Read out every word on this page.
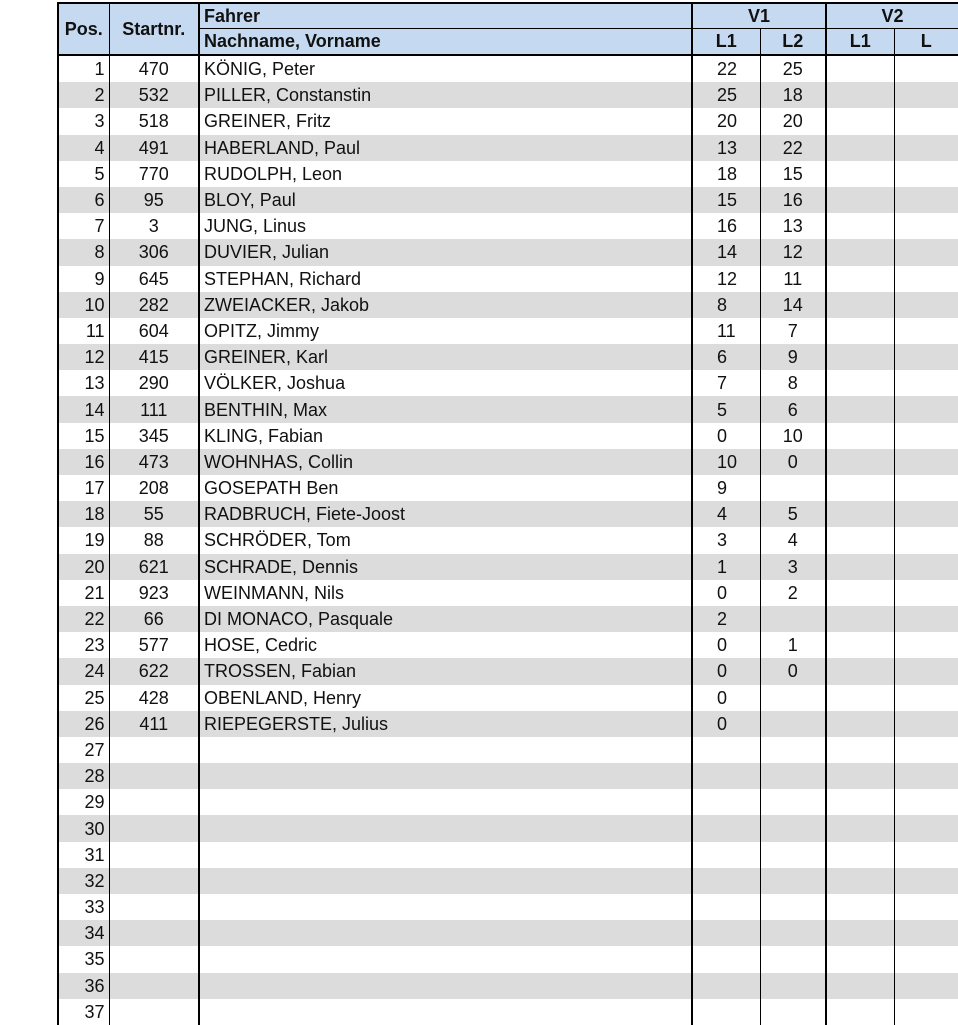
Pos.	Startnr.	Fahrer	V1		V2	
		Nachname, Vorname	L1	L2	L1	L
1	470	KÖNIG, Peter	22	25		
2	532	PILLER, Constanstin	25	18		
3	518	GREINER, Fritz	20	20		
4	491	HABERLAND, Paul	13	22		
5	770	RUDOLPH, Leon	18	15		
6	95	BLOY, Paul	15	16		
7	3	JUNG, Linus	16	13		
8	306	DUVIER, Julian	14	12		
9	645	STEPHAN, Richard	12	11		
10	282	ZWEIACKER, Jakob	8	14		
11	604	OPITZ, Jimmy	11	7		
12	415	GREINER, Karl	6	9		
13	290	VÖLKER, Joshua	7	8		
14	111	BENTHIN, Max	5	6		
15	345	KLING, Fabian	0	10		
16	473	WOHNHAS, Collin	10	0		
17	208	GOSEPATH Ben	9			
18	55	RADBRUCH, Fiete-Joost	4	5		
19	88	SCHRÖDER, Tom	3	4		
20	621	SCHRADE, Dennis	1	3		
21	923	WEINMANN, Nils	0	2		
22	66	DI MONACO, Pasquale	2			
23	577	HOSE, Cedric	0	1		
24	622	TROSSEN, Fabian	0	0		
25	428	OBENLAND, Henry	0			
26	411	RIEPEGERSTE, Julius	0			
27						
28						
29						
30						
31						
32						
33						
34						
35						
36						
37						
